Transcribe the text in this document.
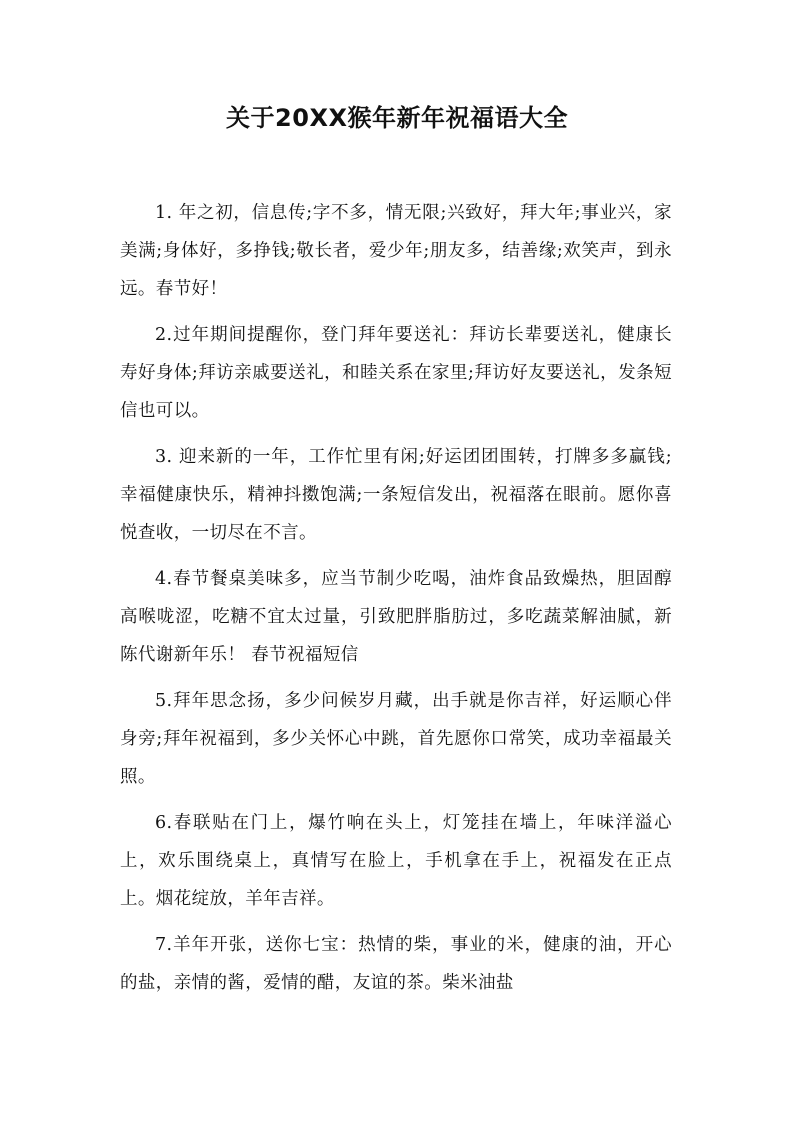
关于20XX猴年新年祝福语大全

1. 年之初，信息传;字不多，情无限;兴致好，拜大年;事业兴，家美满;身体好，多挣钱;敬长者，爱少年;朋友多，结善缘;欢笑声，到永远。春节好！

2.过年期间提醒你，登门拜年要送礼：拜访长辈要送礼，健康长寿好身体;拜访亲戚要送礼，和睦关系在家里;拜访好友要送礼，发条短信也可以。

3. 迎来新的一年，工作忙里有闲;好运团团围转，打牌多多赢钱;幸福健康快乐，精神抖擞饱满;一条短信发出，祝福落在眼前。愿你喜悦查收，一切尽在不言。

4.春节餐桌美味多，应当节制少吃喝，油炸食品致燥热，胆固醇高喉咙涩，吃糖不宜太过量，引致肥胖脂肪过，多吃蔬菜解油腻，新陈代谢新年乐！ 春节祝福短信

5.拜年思念扬，多少问候岁月藏，出手就是你吉祥，好运顺心伴身旁;拜年祝福到，多少关怀心中跳，首先愿你口常笑，成功幸福最关照。

6.春联贴在门上，爆竹响在头上，灯笼挂在墙上，年味洋溢心上，欢乐围绕桌上，真情写在脸上，手机拿在手上，祝福发在正点上。烟花绽放，羊年吉祥。

7.羊年开张，送你七宝：热情的柴，事业的米，健康的油，开心的盐，亲情的酱，爱情的醋，友谊的茶。柴米油盐
